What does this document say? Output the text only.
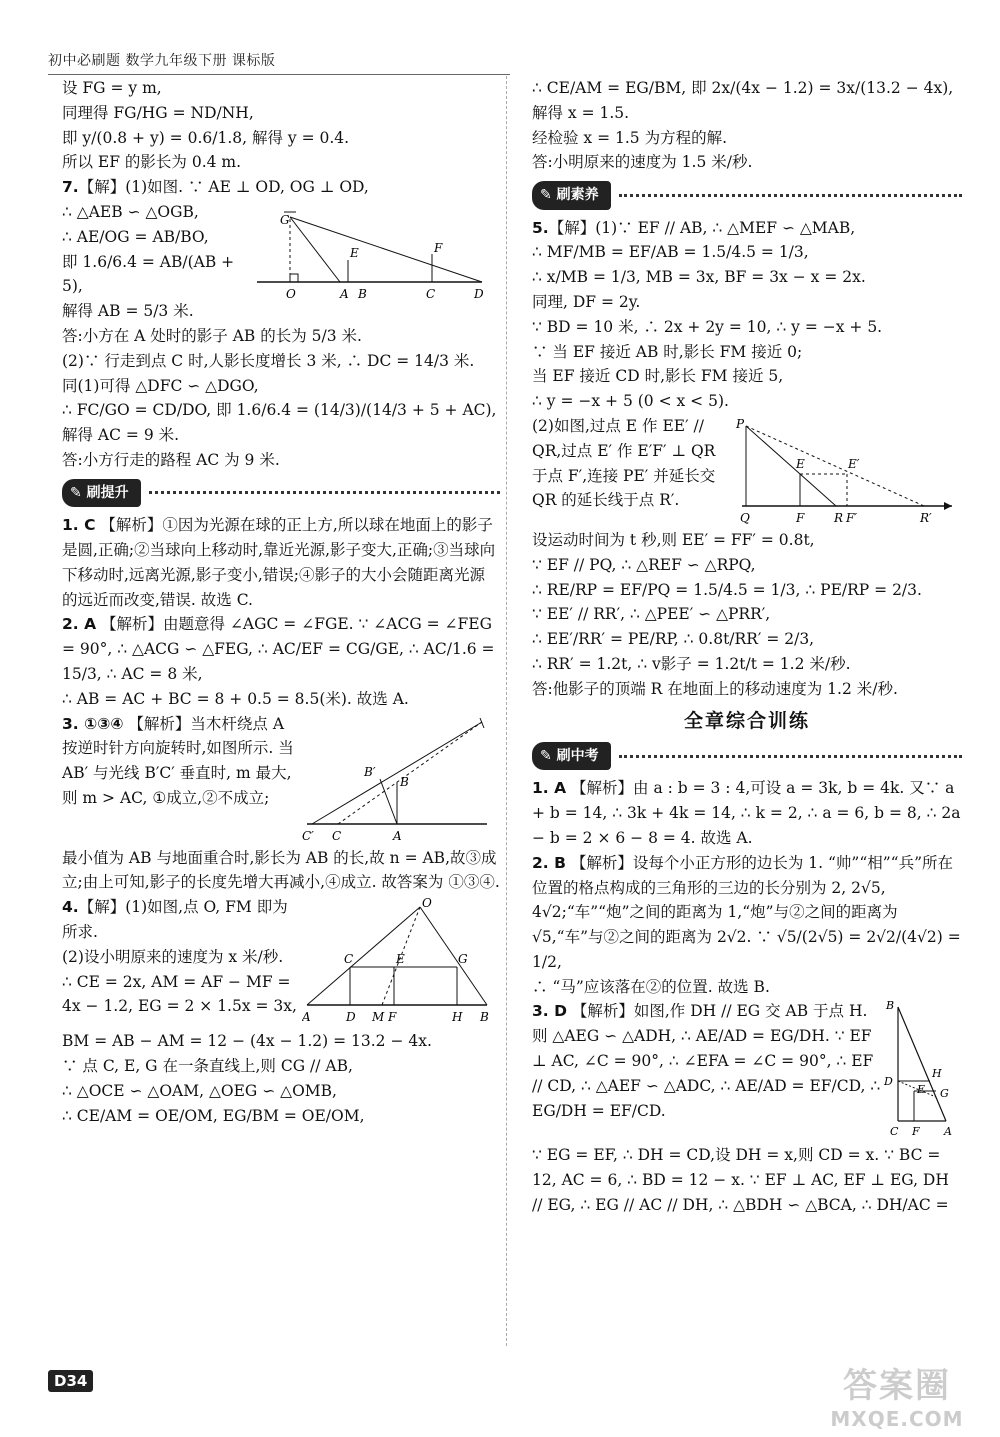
初中必刷题 数学九年级下册 课标版

设 FG = y m,

同理得 FG/HG = ND/NH,

即 y/(0.8 + y) = 0.6/1.8, 解得 y = 0.4.

所以 EF 的影长为 0.4 m.

7.【解】(1)如图. ∵ AE ⊥ OD, OG ⊥ OD,

∴ △AEB ∽ △OGB,

∴ AE/OG = AB/BO,

即 1.6/6.4 = AB/(AB + 5),

解得 AB = 5/3 米.

G
E	F
O	A B	C	D

答:小方在 A 处时的影子 AB 的长为 5/3 米.

(2)∵ 行走到点 C 时,人影长度增长 3 米, ∴ DC = 14/3 米.

同(1)可得 △DFC ∽ △DGO,

∴ FC/GO = CD/DO, 即 1.6/6.4 = (14/3)/(14/3 + 5 + AC), 解得 AC = 9 米.

答:小方行走的路程 AC 为 9 米.

✎ 刷提升

1. C 【解析】①因为光源在球的正上方,所以球在地面上的影子是圆,正确;②当球向上移动时,靠近光源,影子变大,正确;③当球向下移动时,远离光源,影子变小,错误;④影子的大小会随距离光源的远近而改变,错误. 故选 C.

2. A 【解析】由题意得 ∠AGC = ∠FGE. ∵ ∠ACG = ∠FEG = 90°, ∴ △ACG ∽ △FEG, ∴ AC/EF = CG/GE, ∴ AC/1.6 = 15/3, ∴ AC = 8 米,

∴ AB = AC + BC = 8 + 0.5 = 8.5(米). 故选 A.

3. ①③④ 【解析】当木杆绕点 A 按逆时针方向旋转时,如图所示. 当 AB′ 与光线 B′C′ 垂直时, m 最大,则 m > AC, ①成立,②不成立;

B′
B
C′ C	A

最小值为 AB 与地面重合时,影长为 AB 的长,故 n = AB,故③成立;由上可知,影子的长度先增大再减小,④成立. 故答案为 ①③④.

4.【解】(1)如图,点 O, FM 即为所求.

(2)设小明原来的速度为 x 米/秒.

∴ CE = 2x, AM = AF − MF = 4x − 1.2, EG = 2 × 1.5x = 3x,

O
C	E	G
A	D M F	H B

BM = AB − AM = 12 − (4x − 1.2) = 13.2 − 4x.

∵ 点 C, E, G 在一条直线上,则 CG // AB,

∴ △OCE ∽ △OAM, △OEG ∽ △OMB,

∴ CE/AM = OE/OM, EG/BM = OE/OM,

∴ CE/AM = EG/BM, 即 2x/(4x − 1.2) = 3x/(13.2 − 4x), 解得 x = 1.5.

经检验 x = 1.5 为方程的解.

答:小明原来的速度为 1.5 米/秒.

✎ 刷素养

5.【解】(1)∵ EF // AB, ∴ △MEF ∽ △MAB,

∴ MF/MB = EF/AB = 1.5/4.5 = 1/3,

∴ x/MB = 1/3, MB = 3x, BF = 3x − x = 2x.

同理, DF = 2y.

∵ BD = 10 米, ∴ 2x + 2y = 10, ∴ y = −x + 5.

∵ 当 EF 接近 AB 时,影长 FM 接近 0;

当 EF 接近 CD 时,影长 FM 接近 5,

∴ y = −x + 5 (0 < x < 5).

(2)如图,过点 E 作 EE′ // QR,过点 E′ 作 E′F′ ⊥ QR 于点 F′,连接 PE′ 并延长交 QR 的延长线于点 R′.

P
E	E′
Q	F R F′	R′

设运动时间为 t 秒,则 EE′ = FF′ = 0.8t,

∵ EF // PQ, ∴ △REF ∽ △RPQ,

∴ RE/RP = EF/PQ = 1.5/4.5 = 1/3, ∴ PE/RP = 2/3.

∵ EE′ // RR′, ∴ △PEE′ ∽ △PRR′,

∴ EE′/RR′ = PE/RP, ∴ 0.8t/RR′ = 2/3,

∴ RR′ = 1.2t, ∴ v影子 = 1.2t/t = 1.2 米/秒.

答:他影子的顶端 R 在地面上的移动速度为 1.2 米/秒.

全章综合训练
✎ 刷中考

1. A 【解析】由 a : b = 3 : 4,可设 a = 3k, b = 4k. 又∵ a + b = 14, ∴ 3k + 4k = 14, ∴ k = 2, ∴ a = 6, b = 8, ∴ 2a − b = 2 × 6 − 8 = 4. 故选 A.

2. B 【解析】设每个小正方形的边长为 1. “帅”“相”“兵”所在位置的格点构成的三角形的三边的长分别为 2, 2√5, 4√2;“车”“炮”之间的距离为 1,“炮”与②之间的距离为 √5,“车”与②之间的距离为 2√2. ∵ √5/(2√5) = 2√2/(4√2) = 1/2,

∴ “马”应该落在②的位置. 故选 B.

3. D 【解析】如图,作 DH // EG 交 AB 于点 H. 则 △AEG ∽ △ADH, ∴ AE/AD = EG/DH. ∵ EF ⊥ AC, ∠C = 90°, ∴ ∠EFA = ∠C = 90°, ∴ EF // CD, ∴ △AEF ∽ △ADC, ∴ AE/AD = EF/CD, ∴ EG/DH = EF/CD.

B
D
H
E G
C F A

∵ EG = EF, ∴ DH = CD,设 DH = x,则 CD = x. ∵ BC = 12, AC = 6, ∴ BD = 12 − x. ∵ EF ⊥ AC, EF ⊥ EG, DH // EG, ∴ EG // AC // DH, ∴ △BDH ∽ △BCA, ∴ DH/AC =

D34	答案圈
MXQE.COM
